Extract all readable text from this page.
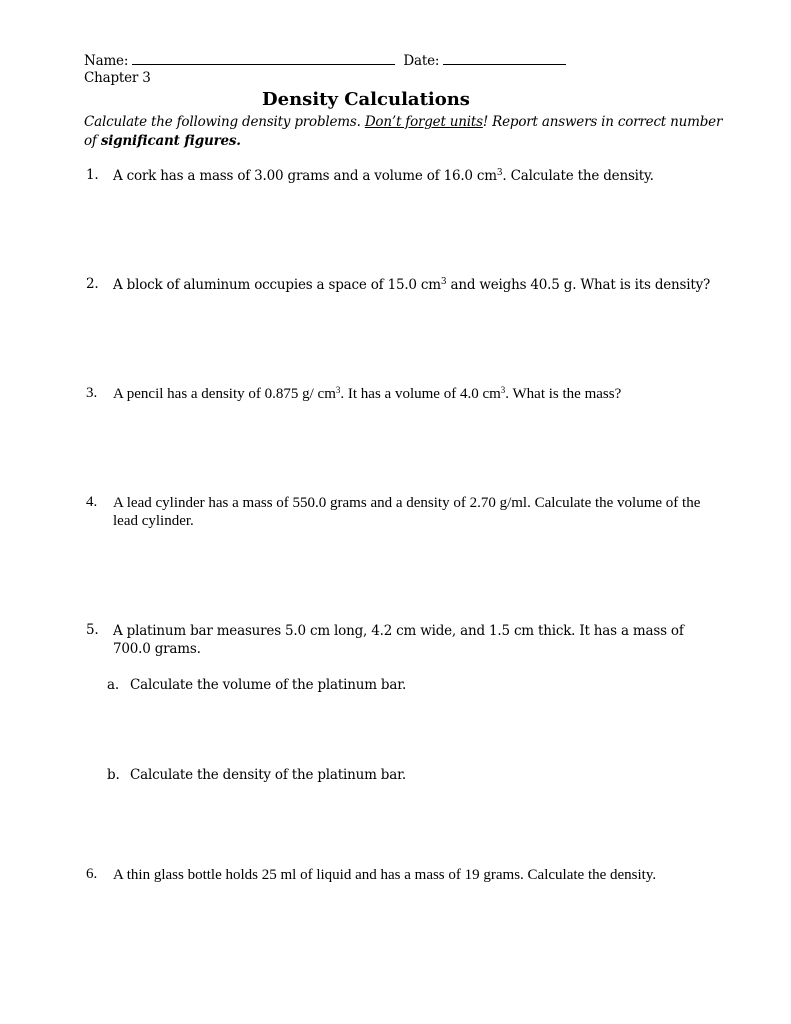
Name:	Date:
Chapter 3
Density Calculations
Calculate the following density problems. Don’t forget units! Report answers in correct number of significant figures.
1.	A cork has a mass of 3.00 grams and a volume of 16.0 $cm^3$. Calculate the density.
2.	A block of aluminum occupies a space of 15.0 $cm^3$ and weighs 40.5 g. What is its density?
3.	A pencil has a density of 0.875 g/ $cm^3$. It has a volume of 4.0 $cm^3$. What is the mass?
4.	A lead cylinder has a mass of 550.0 grams and a density of 2.70 g/ml. Calculate the volume of the lead cylinder.
5.	A platinum bar measures 5.0 cm long, 4.2 cm wide, and 1.5 cm thick. It has a mass of 700.0 grams.
a. Calculate the volume of the platinum bar.
b. Calculate the density of the platinum bar.
6.	A thin glass bottle holds 25 ml of liquid and has a mass of 19 grams. Calculate the density.
